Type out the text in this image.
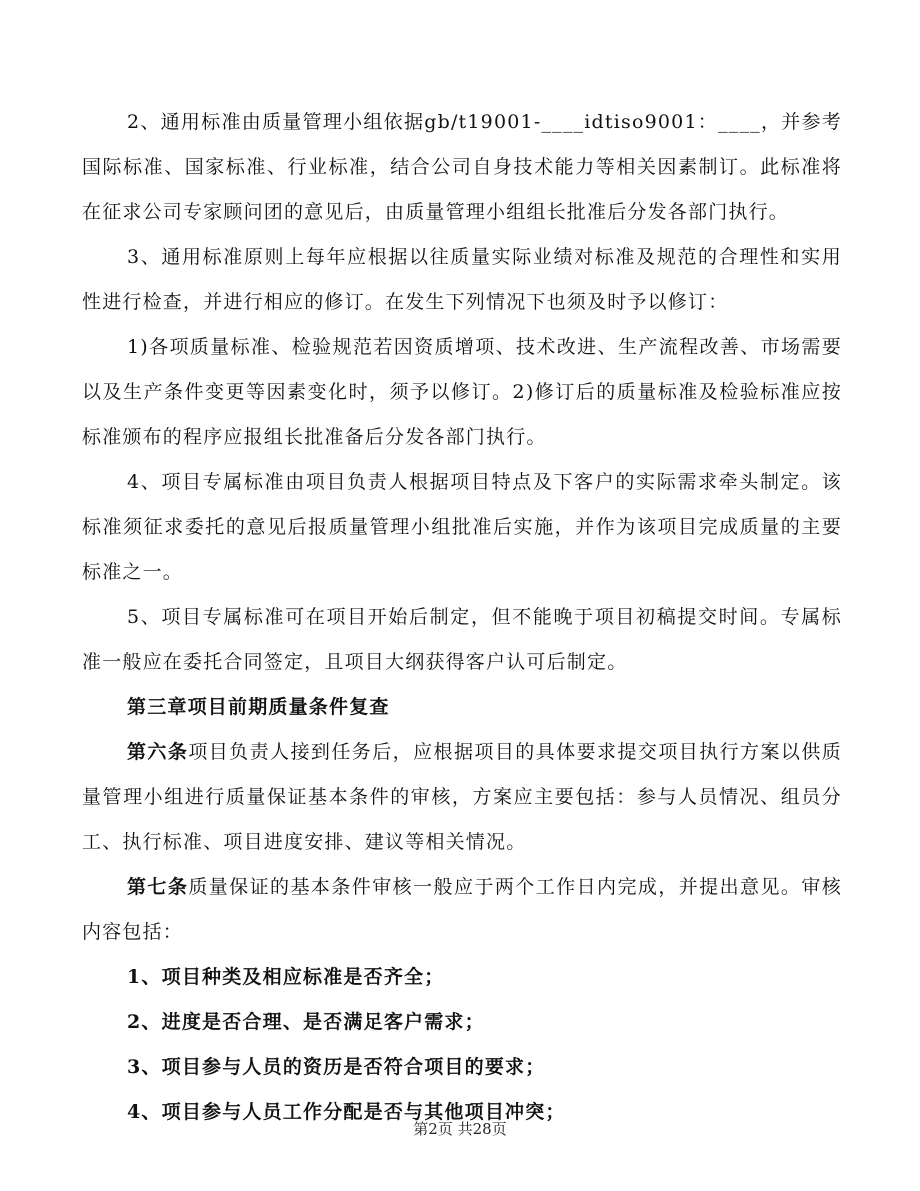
2、通用标准由质量管理小组依据gb/t19001-____idtiso9001：____，并参考国际标准、国家标准、行业标准，结合公司自身技术能力等相关因素制订。此标准将在征求公司专家顾问团的意见后，由质量管理小组组长批准后分发各部门执行。

3、通用标准原则上每年应根据以往质量实际业绩对标准及规范的合理性和实用性进行检查，并进行相应的修订。在发生下列情况下也须及时予以修订：

1)各项质量标准、检验规范若因资质增项、技术改进、生产流程改善、市场需要以及生产条件变更等因素变化时，须予以修订。2)修订后的质量标准及检验标准应按标准颁布的程序应报组长批准备后分发各部门执行。

4、项目专属标准由项目负责人根据项目特点及下客户的实际需求牵头制定。该标准须征求委托的意见后报质量管理小组批准后实施，并作为该项目完成质量的主要标准之一。

5、项目专属标准可在项目开始后制定，但不能晚于项目初稿提交时间。专属标准一般应在委托合同签定，且项目大纲获得客户认可后制定。

第三章项目前期质量条件复查

第六条项目负责人接到任务后，应根据项目的具体要求提交项目执行方案以供质量管理小组进行质量保证基本条件的审核，方案应主要包括：参与人员情况、组员分工、执行标准、项目进度安排、建议等相关情况。

第七条质量保证的基本条件审核一般应于两个工作日内完成，并提出意见。审核内容包括：

1、项目种类及相应标准是否齐全；

2、进度是否合理、是否满足客户需求；

3、项目参与人员的资历是否符合项目的要求；

4、项目参与人员工作分配是否与其他项目冲突；

第2页 共28页
